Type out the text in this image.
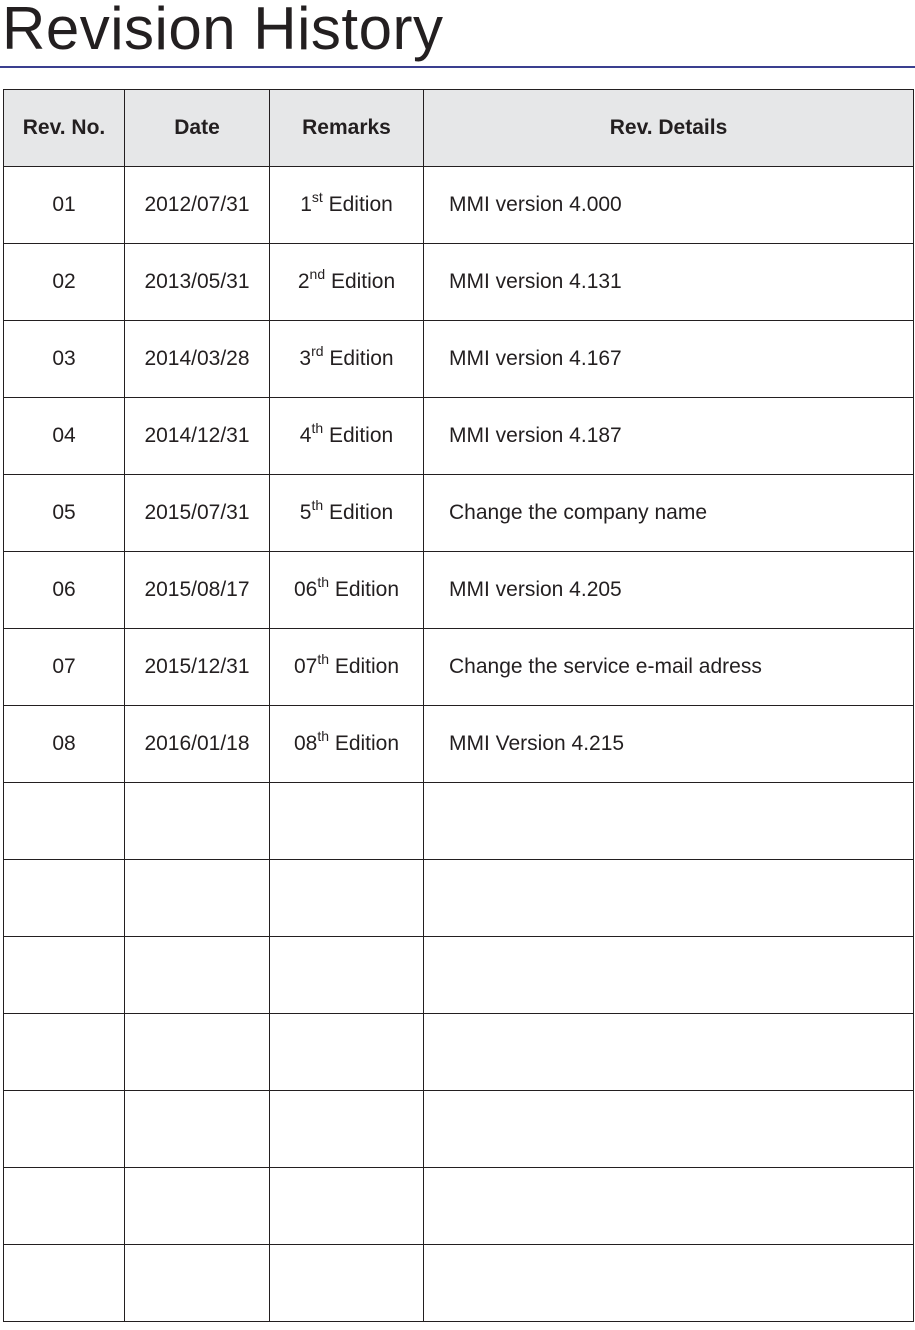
Revision History
Rev. No.	Date	Remarks	Rev. Details
01	2012/07/31	1st Edition	MMI version 4.000
02	2013/05/31	2nd Edition	MMI version 4.131
03	2014/03/28	3rd Edition	MMI version 4.167
04	2014/12/31	4th Edition	MMI version 4.187
05	2015/07/31	5th Edition	Change the company name
06	2015/08/17	06th Edition	MMI version 4.205
07	2015/12/31	07th Edition	Change the service e-mail adress
08	2016/01/18	08th Edition	MMI Version 4.215
